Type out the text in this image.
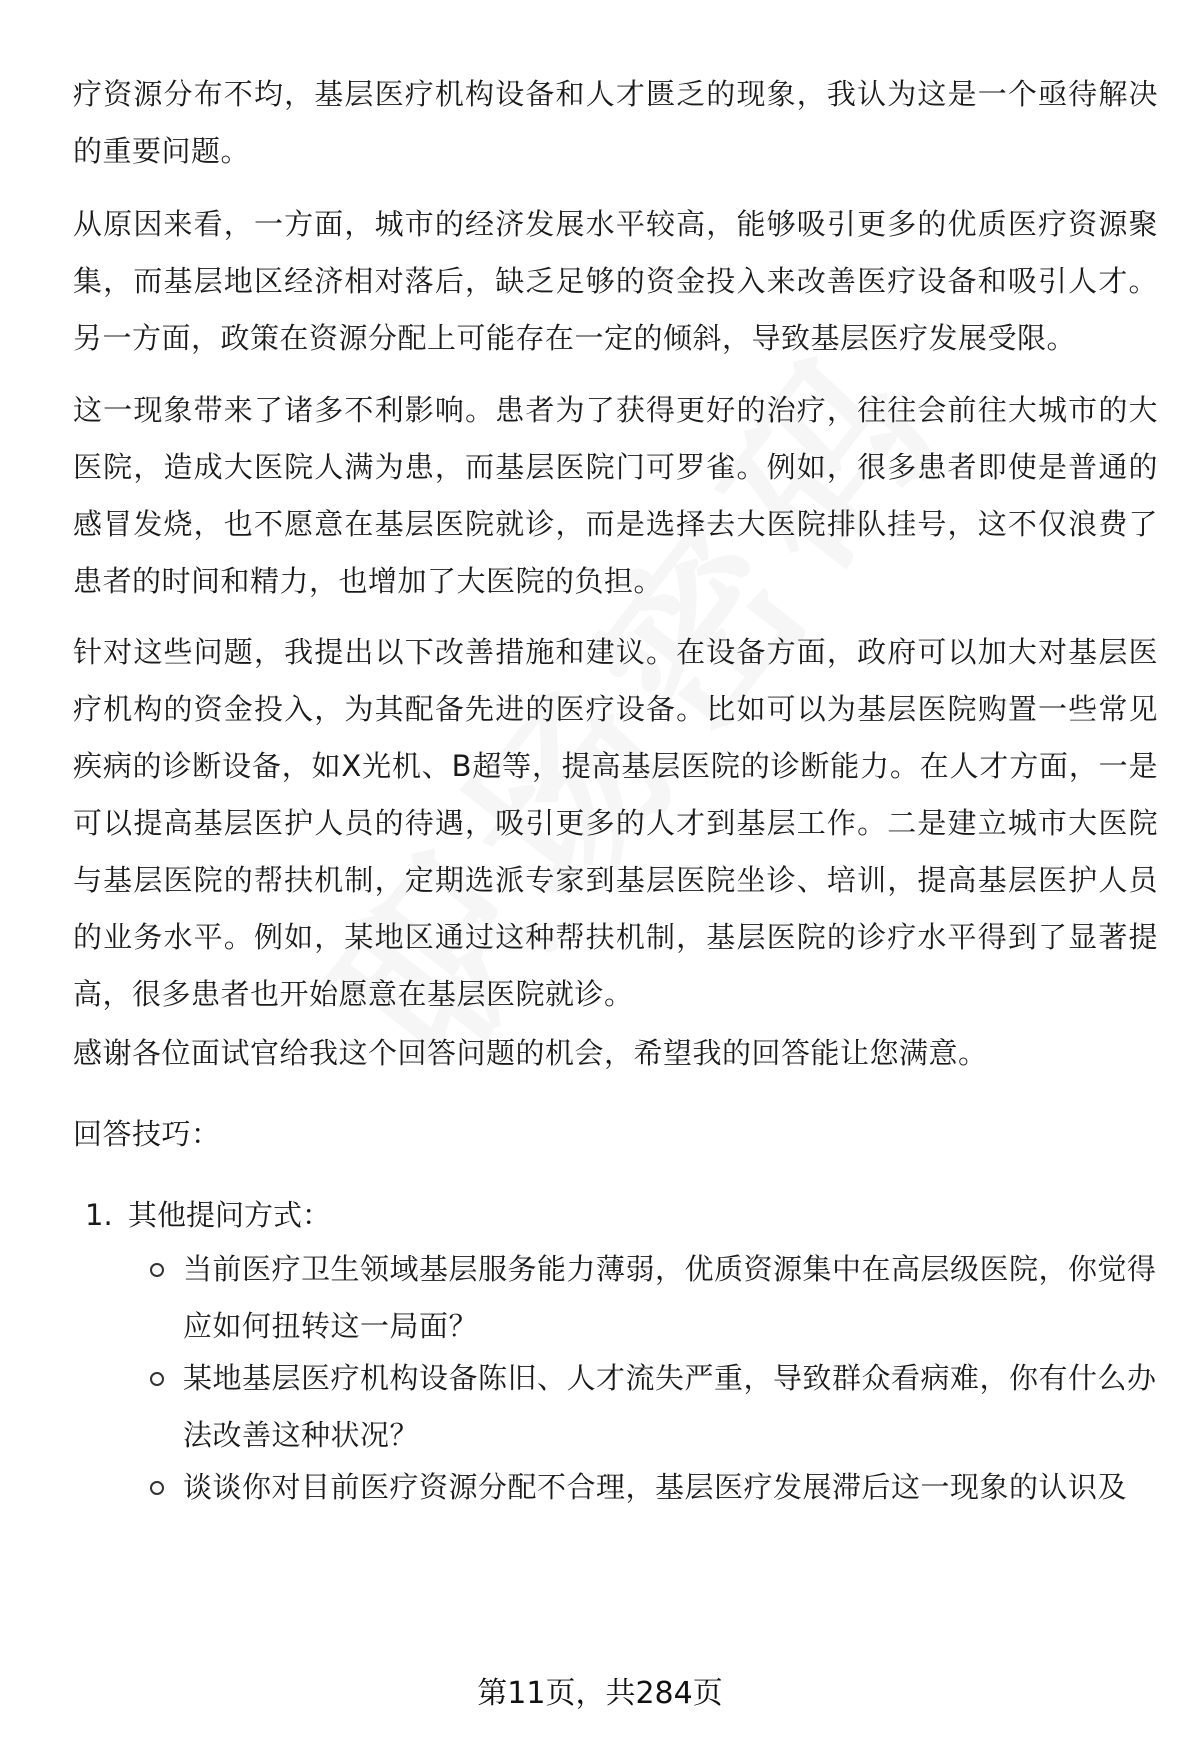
疗资源分布不均，基层医疗机构设备和人才匮乏的现象，我认为这是一个亟待解决的重要问题。

从原因来看，一方面，城市的经济发展水平较高，能够吸引更多的优质医疗资源聚集，而基层地区经济相对落后，缺乏足够的资金投入来改善医疗设备和吸引人才。另一方面，政策在资源分配上可能存在一定的倾斜，导致基层医疗发展受限。

这一现象带来了诸多不利影响。患者为了获得更好的治疗，往往会前往大城市的大医院，造成大医院人满为患，而基层医院门可罗雀。例如，很多患者即使是普通的感冒发烧，也不愿意在基层医院就诊，而是选择去大医院排队挂号，这不仅浪费了患者的时间和精力，也增加了大医院的负担。

针对这些问题，我提出以下改善措施和建议。在设备方面，政府可以加大对基层医疗机构的资金投入，为其配备先进的医疗设备。比如可以为基层医院购置一些常见疾病的诊断设备，如X光机、B超等，提高基层医院的诊断能力。在人才方面，一是可以提高基层医护人员的待遇，吸引更多的人才到基层工作。二是建立城市大医院与基层医院的帮扶机制，定期选派专家到基层医院坐诊、培训，提高基层医护人员的业务水平。例如，某地区通过这种帮扶机制，基层医院的诊疗水平得到了显著提高，很多患者也开始愿意在基层医院就诊。

感谢各位面试官给我这个回答问题的机会，希望我的回答能让您满意。

回答技巧：

1. 其他提问方式：

当前医疗卫生领域基层服务能力薄弱，优质资源集中在高层级医院，你觉得应如何扭转这一局面？

某地基层医疗机构设备陈旧、人才流失严重，导致群众看病难，你有什么办法改善这种状况？

谈谈你对目前医疗资源分配不合理，基层医疗发展滞后这一现象的认识及

第11页，共284页
